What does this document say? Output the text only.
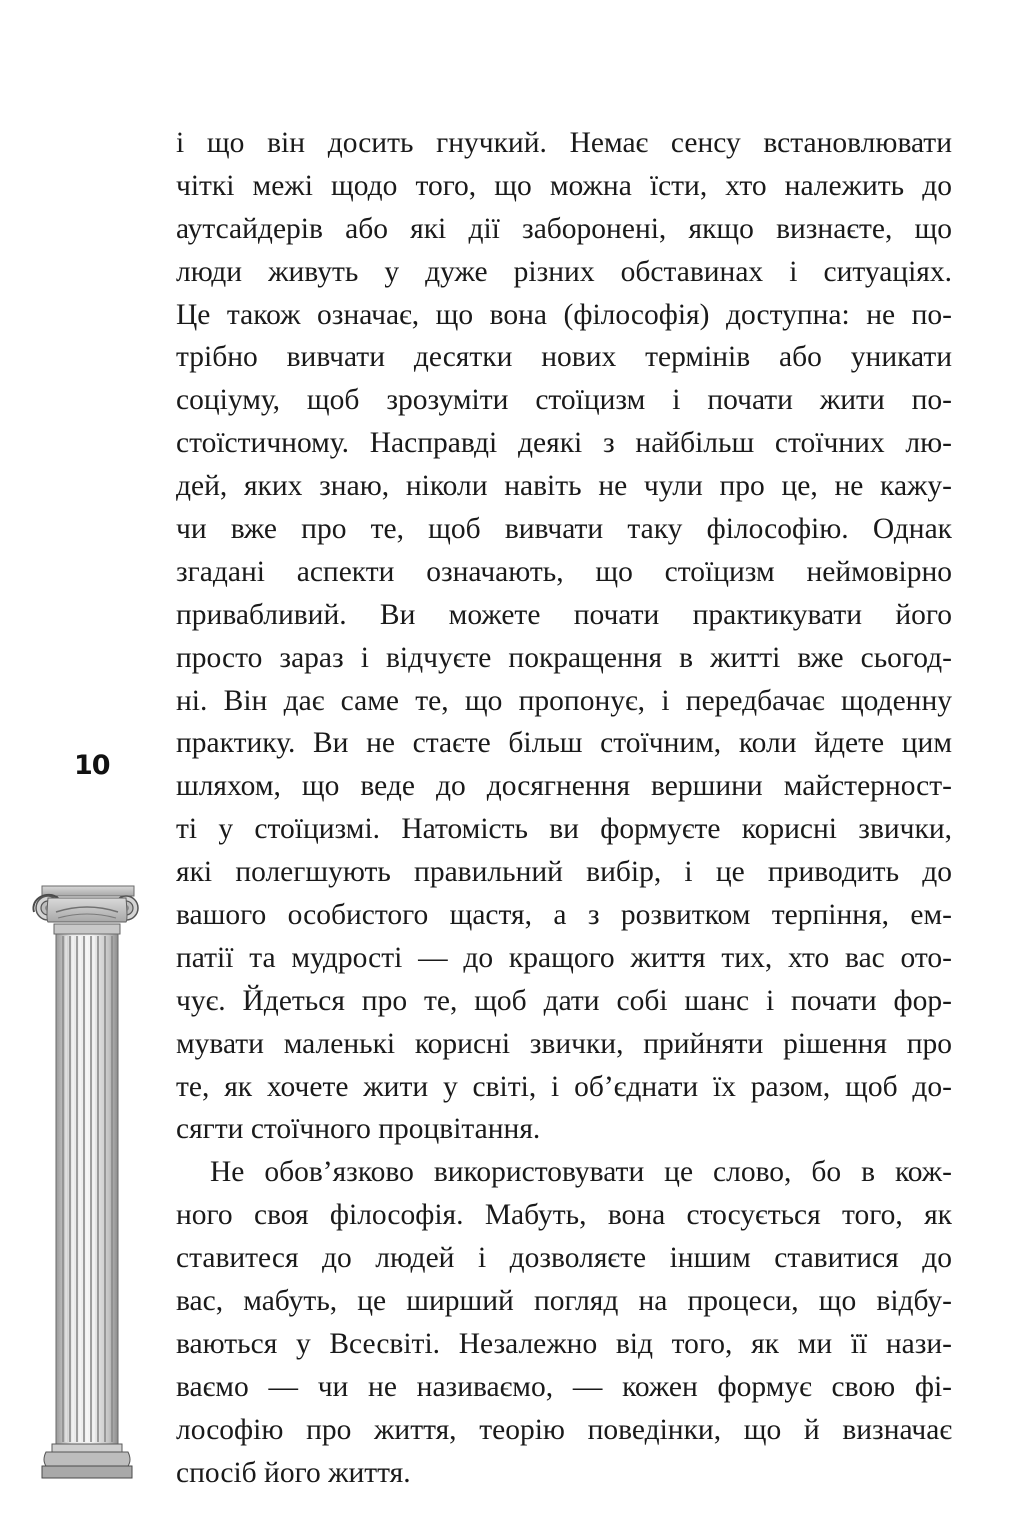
10
і що він досить гнучкий. Немає сенсу встановлювати
чіткі межі щодо того, що можна їсти, хто належить до
аутсайдерів або які дії заборонені, якщо визнаєте, що
люди живуть у дуже різних обставинах і ситуаціях.
Це також означає, що вона (філософія) доступна: не по-
трібно вивчати десятки нових термінів або уникати
соціуму, щоб зрозуміти стоїцизм і почати жити по-
стоїстичному. Насправді деякі з найбільш стоїчних лю-
дей, яких знаю, ніколи навіть не чули про це, не кажу-
чи вже про те, щоб вивчати таку філософію. Однак
згадані аспекти означають, що стоїцизм неймовірно
привабливий. Ви можете почати практикувати його
просто зараз і відчуєте покращення в житті вже сьогод-
ні. Він дає саме те, що пропонує, і передбачає щоденну
практику. Ви не стаєте більш стоїчним, коли йдете цим
шляхом, що веде до досягнення вершини майстерност-
ті у стоїцизмі. Натомість ви формуєте корисні звички,
які полегшують правильний вибір, і це приводить до
вашого особистого щастя, а з розвитком терпіння, ем-
патії та мудрості — до кращого життя тих, хто вас ото-
чує. Йдеться про те, щоб дати собі шанс і почати фор-
мувати маленькі корисні звички, прийняти рішення про
те, як хочете жити у світі, і об’єднати їх разом, щоб до-
сягти стоїчного процвітання.
Не обов’язково використовувати це слово, бо в кож-
ного своя філософія. Мабуть, вона стосується того, як
ставитеся до людей і дозволяєте іншим ставитися до
вас, мабуть, це ширший погляд на процеси, що відбу-
ваються у Всесвіті. Незалежно від того, як ми її нази-
ваємо — чи не називаємо, — кожен формує свою фі-
лософію про життя, теорію поведінки, що й визначає
спосіб його життя.
